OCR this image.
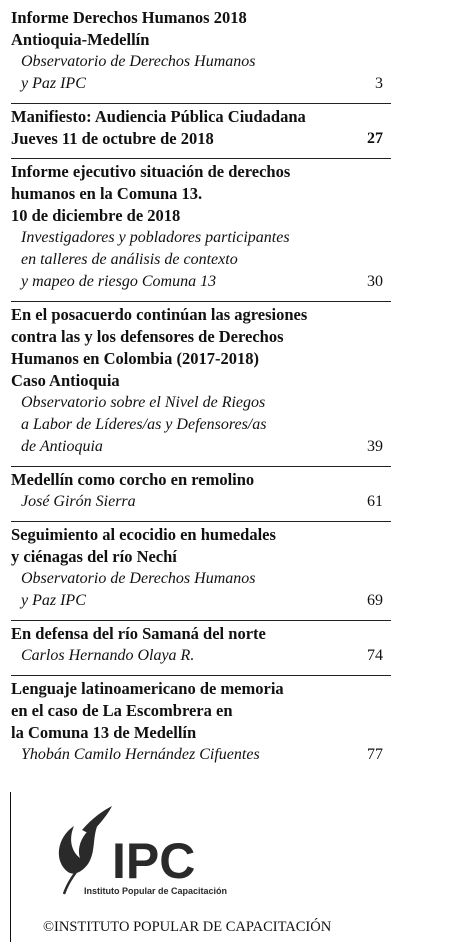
Informe Derechos Humanos 2018
Antioquia-Medellín
Observatorio de Derechos Humanos
y Paz IPC	3
Manifiesto: Audiencia Pública Ciudadana
Jueves 11 de octubre de 2018	27
Informe ejecutivo situación de derechos
humanos en la Comuna 13.
10 de diciembre de 2018
Investigadores y pobladores participantes
en talleres de análisis de contexto
y mapeo de riesgo Comuna 13	30
En el posacuerdo continúan las agresiones
contra las y los defensores de Derechos
Humanos en Colombia (2017-2018)
Caso Antioquia
Observatorio sobre el Nivel de Riegos
a Labor de Líderes/as y Defensores/as
de Antioquia	39
Medellín como corcho en remolino
José Girón Sierra	61
Seguimiento al ecocidio en humedales
y ciénagas del río Nechí
Observatorio de Derechos Humanos
y Paz IPC	69
En defensa del río Samaná del norte
Carlos Hernando Olaya R.	74
Lenguaje latinoamericano de memoria
en el caso de La Escombrera en
la Comuna 13 de Medellín
Yhobán Camilo Hernández Cifuentes	77
IPC
Instituto Popular de Capacitación
©INSTITUTO POPULAR DE CAPACITACIÓN
